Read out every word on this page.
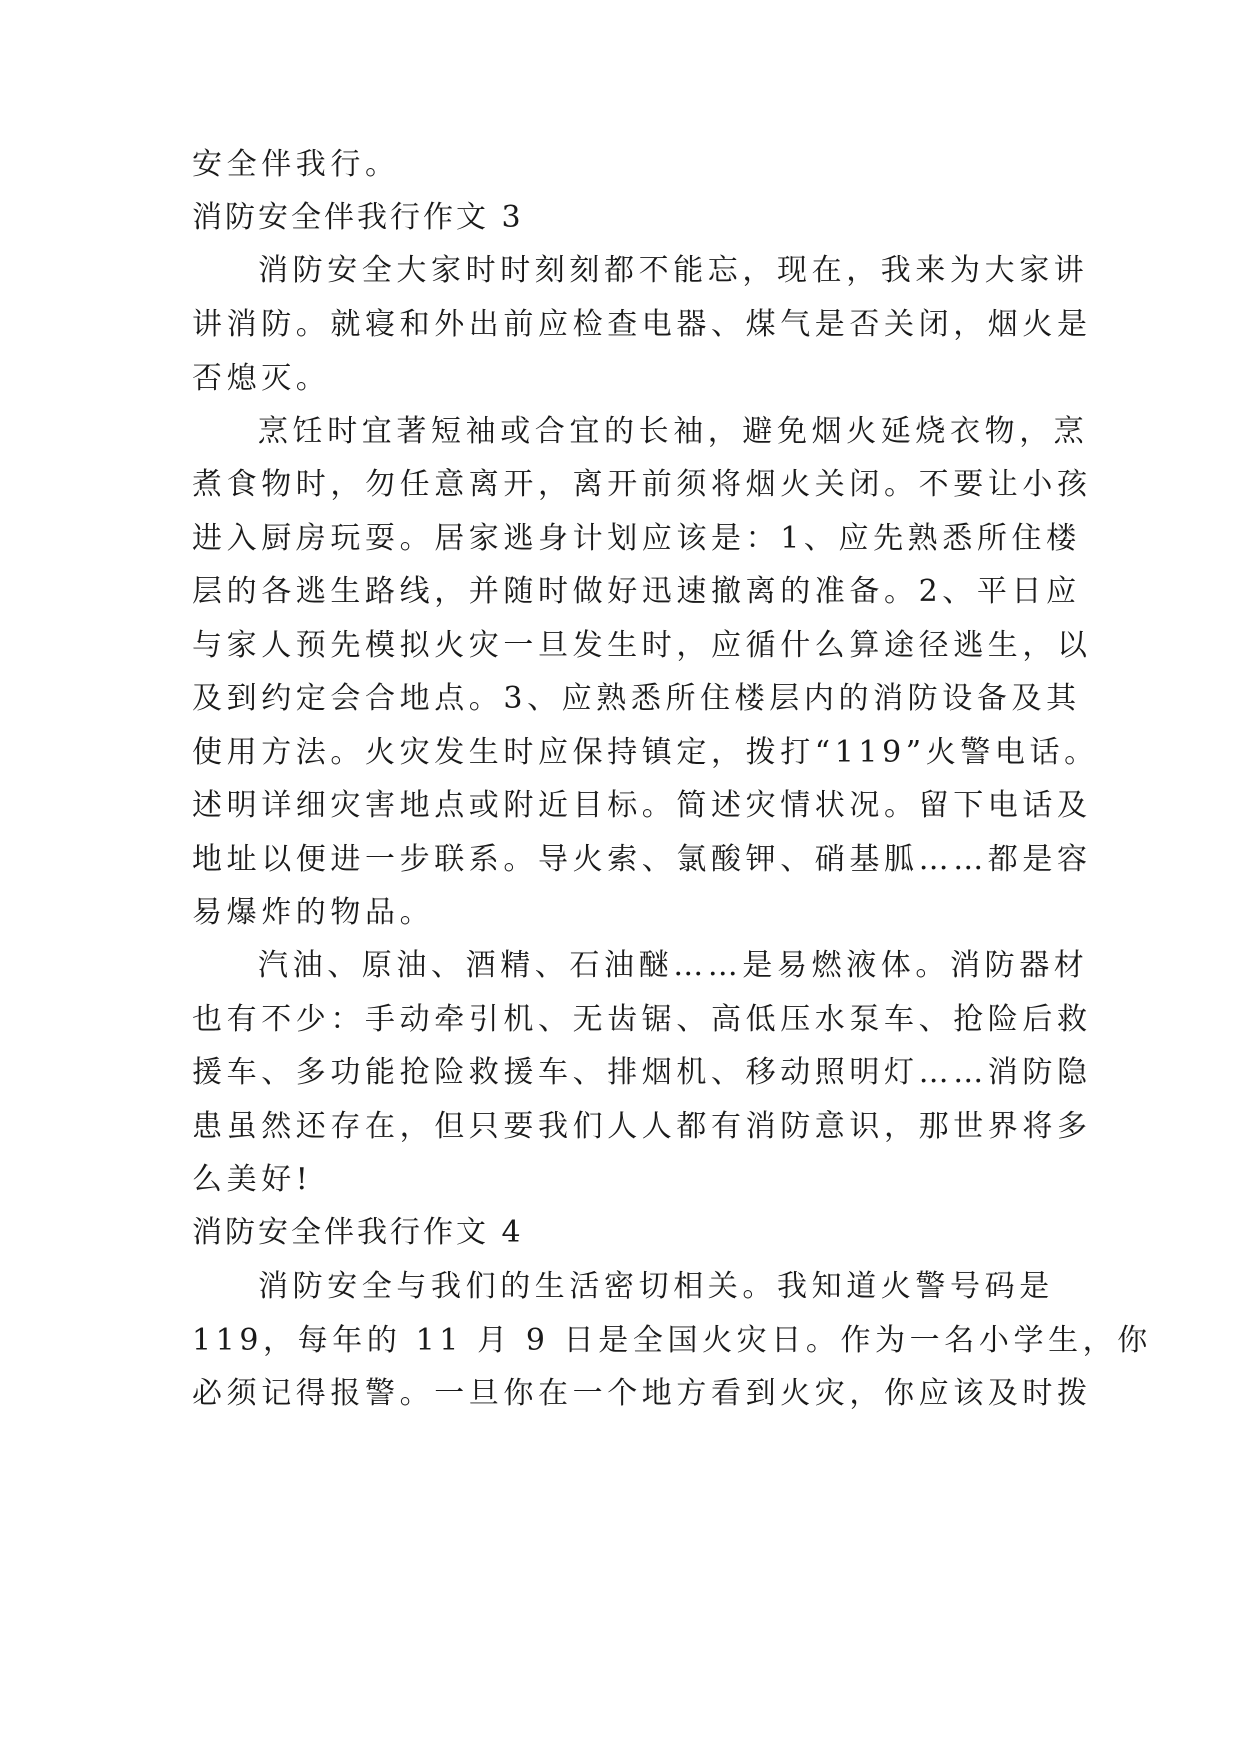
安全伴我行。
消防安全伴我行作文 3
消防安全大家时时刻刻都不能忘，现在，我来为大家讲
讲消防。就寝和外出前应检查电器、煤气是否关闭，烟火是
否熄灭。
烹饪时宜著短袖或合宜的长袖，避免烟火延烧衣物，烹
煮食物时，勿任意离开，离开前须将烟火关闭。不要让小孩
进入厨房玩耍。居家逃身计划应该是：1、应先熟悉所住楼
层的各逃生路线，并随时做好迅速撤离的准备。2、平日应
与家人预先模拟火灾一旦发生时，应循什么算途径逃生，以
及到约定会合地点。3、应熟悉所住楼层内的消防设备及其
使用方法。火灾发生时应保持镇定，拨打“119”火警电话。
述明详细灾害地点或附近目标。简述灾情状况。留下电话及
地址以便进一步联系。导火索、氯酸钾、硝基胍……都是容
易爆炸的物品。
汽油、原油、酒精、石油醚……是易燃液体。消防器材
也有不少：手动牵引机、无齿锯、高低压水泵车、抢险后救
援车、多功能抢险救援车、排烟机、移动照明灯……消防隐
患虽然还存在，但只要我们人人都有消防意识，那世界将多
么美好!
消防安全伴我行作文 4
消防安全与我们的生活密切相关。我知道火警号码是
119，每年的 11 月 9 日是全国火灾日。作为一名小学生，你
必须记得报警。一旦你在一个地方看到火灾，你应该及时拨
